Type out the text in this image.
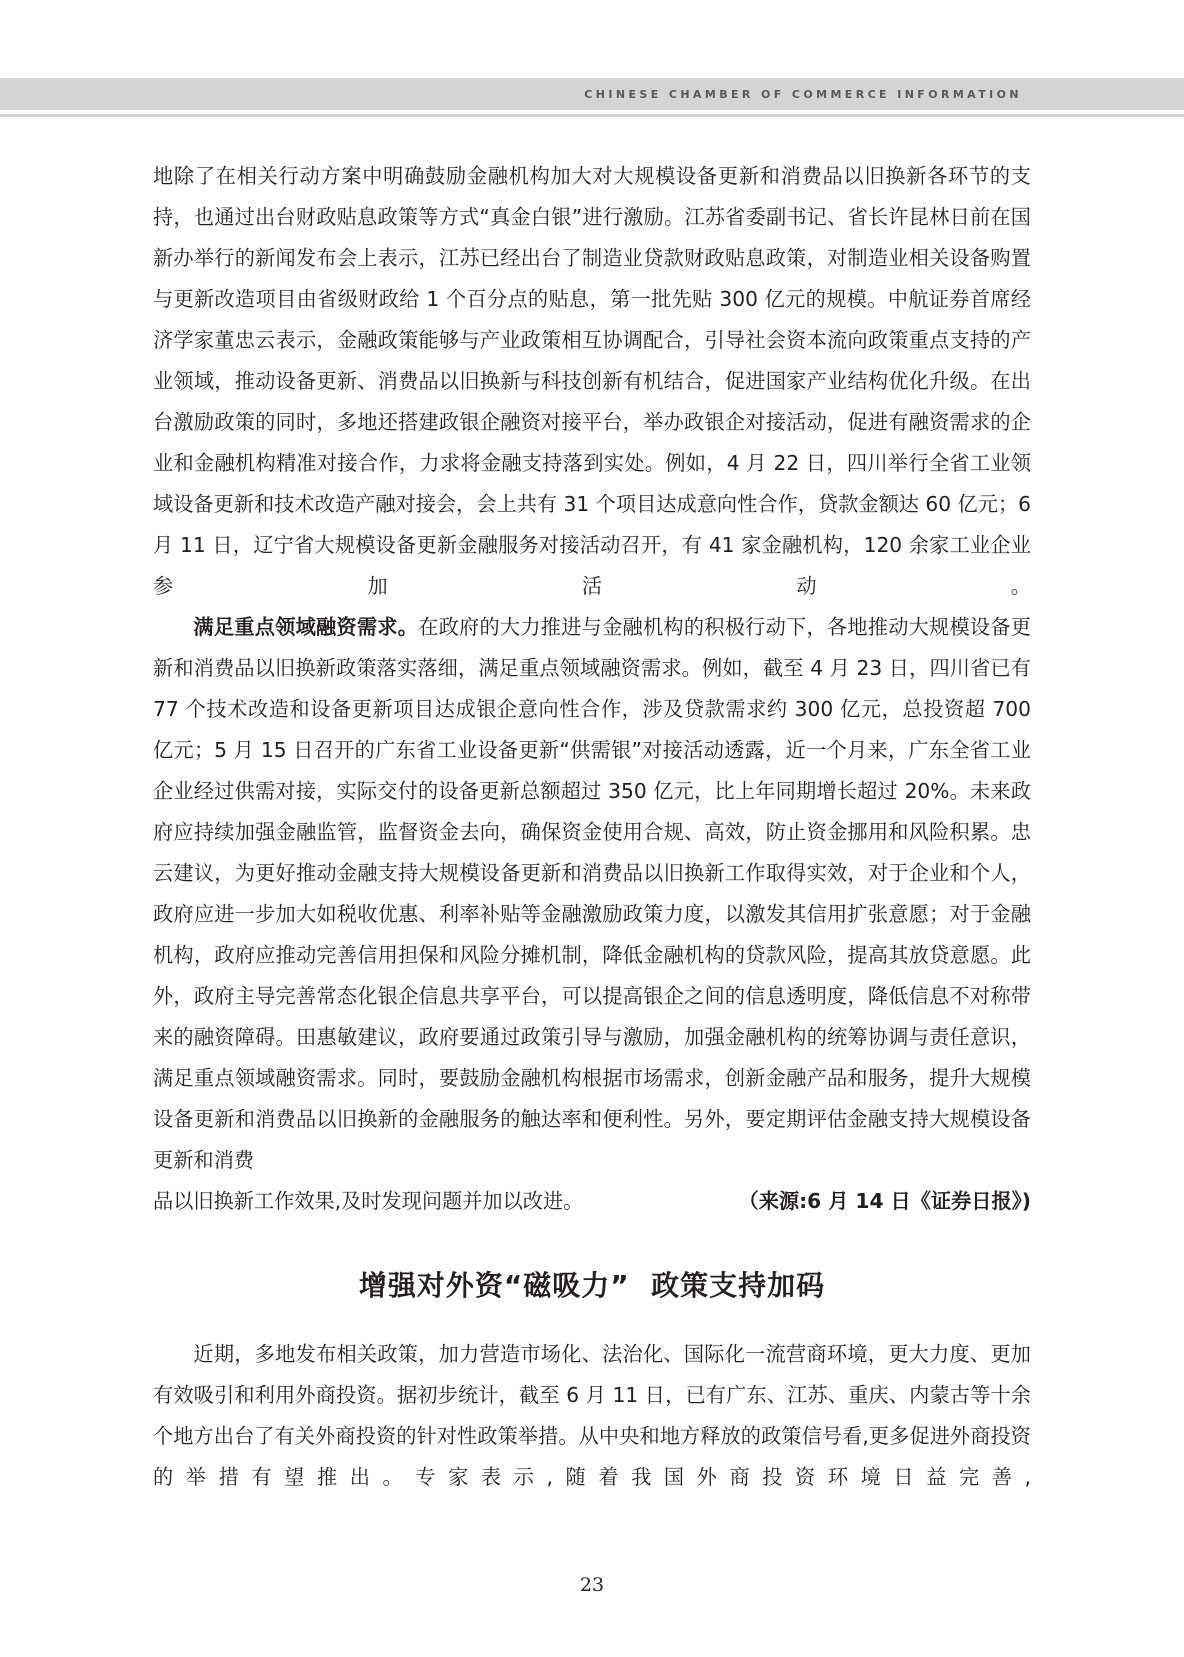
CHINESE CHAMBER OF COMMERCE INFORMATION

地除了在相关行动方案中明确鼓励金融机构加大对大规模设备更新和消费品以旧换新各环节的支持，也通过出台财政贴息政策等方式“真金白银”进行激励。江苏省委副书记、省长许昆林日前在国新办举行的新闻发布会上表示，江苏已经出台了制造业贷款财政贴息政策，对制造业相关设备购置与更新改造项目由省级财政给 1 个百分点的贴息，第一批先贴 300 亿元的规模。中航证券首席经济学家董忠云表示，金融政策能够与产业政策相互协调配合，引导社会资本流向政策重点支持的产业领域，推动设备更新、消费品以旧换新与科技创新有机结合，促进国家产业结构优化升级。在出台激励政策的同时，多地还搭建政银企融资对接平台，举办政银企对接活动，促进有融资需求的企业和金融机构精准对接合作，力求将金融支持落到实处。例如，4 月 22 日，四川举行全省工业领域设备更新和技术改造产融对接会，会上共有 31 个项目达成意向性合作，贷款金额达 60 亿元；6 月 11 日，辽宁省大规模设备更新金融服务对接活动召开，有 41 家金融机构，120 余家工业企业参加活动。

满足重点领域融资需求。在政府的大力推进与金融机构的积极行动下，各地推动大规模设备更新和消费品以旧换新政策落实落细，满足重点领域融资需求。例如，截至 4 月 23 日，四川省已有 77 个技术改造和设备更新项目达成银企意向性合作，涉及贷款需求约 300 亿元，总投资超 700 亿元；5 月 15 日召开的广东省工业设备更新“供需银”对接活动透露，近一个月来，广东全省工业企业经过供需对接，实际交付的设备更新总额超过 350 亿元，比上年同期增长超过 20%。未来政府应持续加强金融监管，监督资金去向，确保资金使用合规、高效，防止资金挪用和风险积累。忠云建议，为更好推动金融支持大规模设备更新和消费品以旧换新工作取得实效，对于企业和个人，政府应进一步加大如税收优惠、利率补贴等金融激励政策力度，以激发其信用扩张意愿；对于金融机构，政府应推动完善信用担保和风险分摊机制，降低金融机构的贷款风险，提高其放贷意愿。此外，政府主导完善常态化银企信息共享平台，可以提高银企之间的信息透明度，降低信息不对称带来的融资障碍。田惠敏建议，政府要通过政策引导与激励，加强金融机构的统筹协调与责任意识，满足重点领域融资需求。同时，要鼓励金融机构根据市场需求，创新金融产品和服务，提升大规模设备更新和消费品以旧换新的金融服务的触达率和便利性。另外，要定期评估金融支持大规模设备更新和消费

品以旧换新工作效果,及时发现问题并加以改进。	（来源:6 月 14 日《证券日报》)
增强对外资“磁吸力”  政策支持加码

近期，多地发布相关政策，加力营造市场化、法治化、国际化一流营商环境，更大力度、更加有效吸引和利用外商投资。据初步统计，截至 6 月 11 日，已有广东、江苏、重庆、内蒙古等十余个地方出台了有关外商投资的针对性政策举措。从中央和地方释放的政策信号看,更多促进外商投资的举措有望推出。专家表示,随着我国外商投资环境日益完善,

23
